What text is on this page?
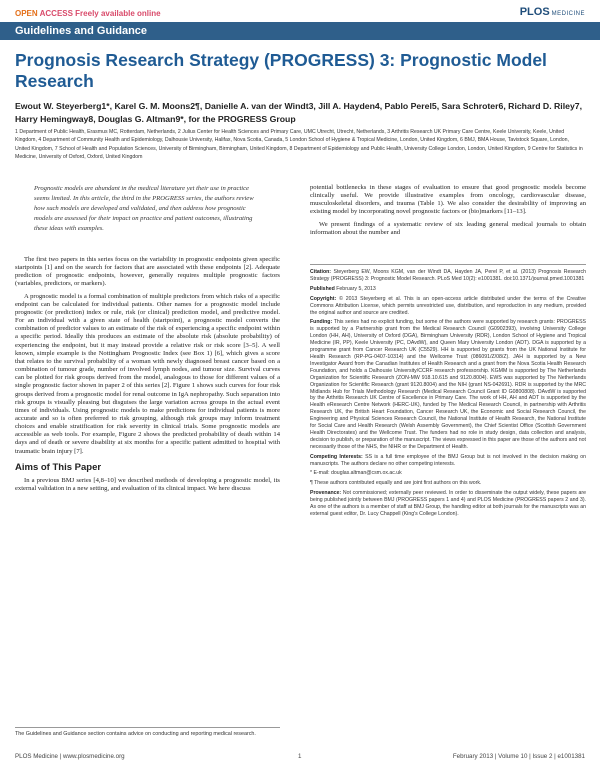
OPEN ACCESS Freely available online	PLOS MEDICINE
Guidelines and Guidance
Prognosis Research Strategy (PROGRESS) 3: Prognostic Model Research
Ewout W. Steyerberg1*, Karel G. M. Moons2¶, Danielle A. van der Windt3, Jill A. Hayden4, Pablo Perel5, Sara Schroter6, Richard D. Riley7, Harry Hemingway8, Douglas G. Altman9*, for the PROGRESS Group
1 Department of Public Health, Erasmus MC, Rotterdam, Netherlands, 2 Julius Center for Health Sciences and Primary Care, UMC Utrecht, Utrecht, Netherlands, 3 Arthritis Research UK Primary Care Centre, Keele University, Keele, United Kingdom, 4 Department of Community Health and Epidemiology, Dalhousie University, Halifax, Nova Scotia, Canada, 5 London School of Hygiene & Tropical Medicine, London, United Kingdom, 6 BMJ, BMA House, Tavistock Square, London, United Kingdom, 7 School of Health and Population Sciences, University of Birmingham, Birmingham, United Kingdom, 8 Department of Epidemiology and Public Health, University College London, London, United Kingdom, 9 Centre for Statistics in Medicine, University of Oxford, Oxford, United Kingdom
Prognostic models are abundant in the medical literature yet their use in practice seems limited. In this article, the third in the PROGRESS series, the authors review how such models are developed and validated, and then address how prognostic models are assessed for their impact on practice and patient outcomes, illustrating these ideas with examples.

The first two papers in this series focus on the variability in prognostic endpoints given specific startpoints [1] and on the search for factors that are associated with these endpoints [2]. Adequate prediction of prognostic endpoints, however, generally requires multiple prognostic factors (variables, predictors, or markers).

A prognostic model is a formal combination of multiple predictors from which risks of a specific endpoint can be calculated for individual patients. Other names for a prognostic model include prognostic (or prediction) index or rule, risk (or clinical) prediction model, and predictive model. For an individual with a given state of health (startpoint), a prognostic model converts the combination of predictor values to an estimate of the risk of experiencing a specific endpoint within a specific period. Ideally this produces an estimate of the absolute risk (absolute probability) of experiencing the endpoint, but it may instead provide a relative risk or risk score [3–5]. A well known, simple example is the Nottingham Prognostic Index (see Box 1) [6], which gives a score that relates to the survival probability of a woman with newly diagnosed breast cancer based on a combination of tumour grade, number of involved lymph nodes, and tumour size. Survival curves can be plotted for risk groups derived from the model, analogous to those for different values of a single prognostic factor shown in paper 2 of this series [2]. Figure 1 shows such curves for four risk groups derived from a prognostic model for renal outcome in IgA nephropathy. Such separation into risk groups is visually pleasing but disguises the large variation across groups in the actual event times of individuals. Using prognostic models to make predictions for individual patients is more accurate and so is often preferred to risk grouping, although risk groups may inform treatment choices and enable stratification for risk severity in clinical trials. Some prognostic models are accessible as web tools. For example, Figure 2 shows the predicted probability of death within 14 days and of death or severe disability at six months for a specific patient admitted to hospital with traumatic brain injury [7].

Aims of This Paper

In a previous BMJ series [4,8–10] we described methods of developing a prognostic model, its external validation in a new setting, and evaluation of its clinical impact. We here discuss

potential bottlenecks in these stages of evaluation to ensure that good prognostic models become clinically useful. We provide illustrative examples from oncology, cardiovascular disease, musculoskeletal disorders, and trauma (Table 1). We also consider the desirability of improving an existing model by incorporating novel prognostic factors or (bio)markers [11–13].

We present findings of a systematic review of six leading general medical journals to obtain information about the number and

Citation: Steyerberg EW, Moons KGM, van der Windt DA, Hayden JA, Perel P, et al. (2013) Prognosis Research Strategy (PROGRESS) 3: Prognostic Model Research. PLoS Med 10(2): e1001381. doi:10.1371/journal.pmed.1001381

Published February 5, 2013

Copyright: © 2013 Steyerberg et al. This is an open-access article distributed under the terms of the Creative Commons Attribution License, which permits unrestricted use, distribution, and reproduction in any medium, provided the original author and source are credited.

Funding: This series had no explicit funding, but some of the authors were supported by research grants: PROGRESS is supported by a Partnership grant from the Medical Research Council (G0902393), involving University College London (HH, AH), University of Oxford (DGA), Birmingham University (RDR), London School of Hygiene and Tropical Medicine (IR, PP), Keele University (PC, DAvdW), and Queen Mary University London (ADT). DGA is supported by a programme grant from Cancer Research UK (C5529). HH is supported by grants from the UK National Institute for Health Research (RP-PG-0407-10314) and the Wellcome Trust (086091/Z/08/Z). JAH is supported by a New Investigator Award from the Canadian Institutes of Health Research and a grant from the Nova Scotia Health Research Foundation, and holds a Dalhousie University/CCRF research professorship. KGMM is supported by The Netherlands Organization for Scientific Research (ZON-MW 918.10.615 and 9120.8004). EWS was supported by The Netherlands Organization for Scientific Research (grant 9120.8004) and the NIH (grant NS-042691). RDR is supported by the MRC Midlands Hub for Trials Methodology Research (Medical Research Council Grant ID G0800808). DAvdW is supported by the Arthritis Research UK Centre of Excellence in Primary Care. The work of HH, AH and ADT is supported by the Health eResearch Centre Network (HERC-UK), funded by The Medical Research Council, in partnership with Arthritis Research UK, the British Heart Foundation, Cancer Research UK, the Economic and Social Research Council, the Engineering and Physical Sciences Research Council, the National Institute of Health Research, the National Institute for Social Care and Health Research (Welsh Assembly Government), the Chief Scientist Office (Scottish Government Health Directorates) and the Wellcome Trust. The funders had no role in study design, data collection and analysis, decision to publish, or preparation of the manuscript. The views expressed in this paper are those of the authors and not necessarily those of the NHS, the NIHR or the Department of Health.

Competing Interests: SS is a full time employee of the BMJ Group but is not involved in the decision making on manuscripts. The authors declare no other competing interests.

* E-mail: douglas.altman@csm.ox.ac.uk

¶ These authors contributed equally and are joint first authors on this work.

Provenance: Not commissioned; externally peer reviewed. In order to disseminate the output widely, these papers are being published jointly between BMJ (PROGRESS papers 1 and 4) and PLOS Medicine (PROGRESS papers 2 and 3). As one of the authors is a member of staff at BMJ Group, the handling editor at both journals for the manuscripts was an external guest editor, Dr. Lucy Chappell (King's College London).

The Guidelines and Guidance section contains advice on conducting and reporting medical research.
PLOS Medicine | www.plosmedicine.org	1	February 2013 | Volume 10 | Issue 2 | e1001381
